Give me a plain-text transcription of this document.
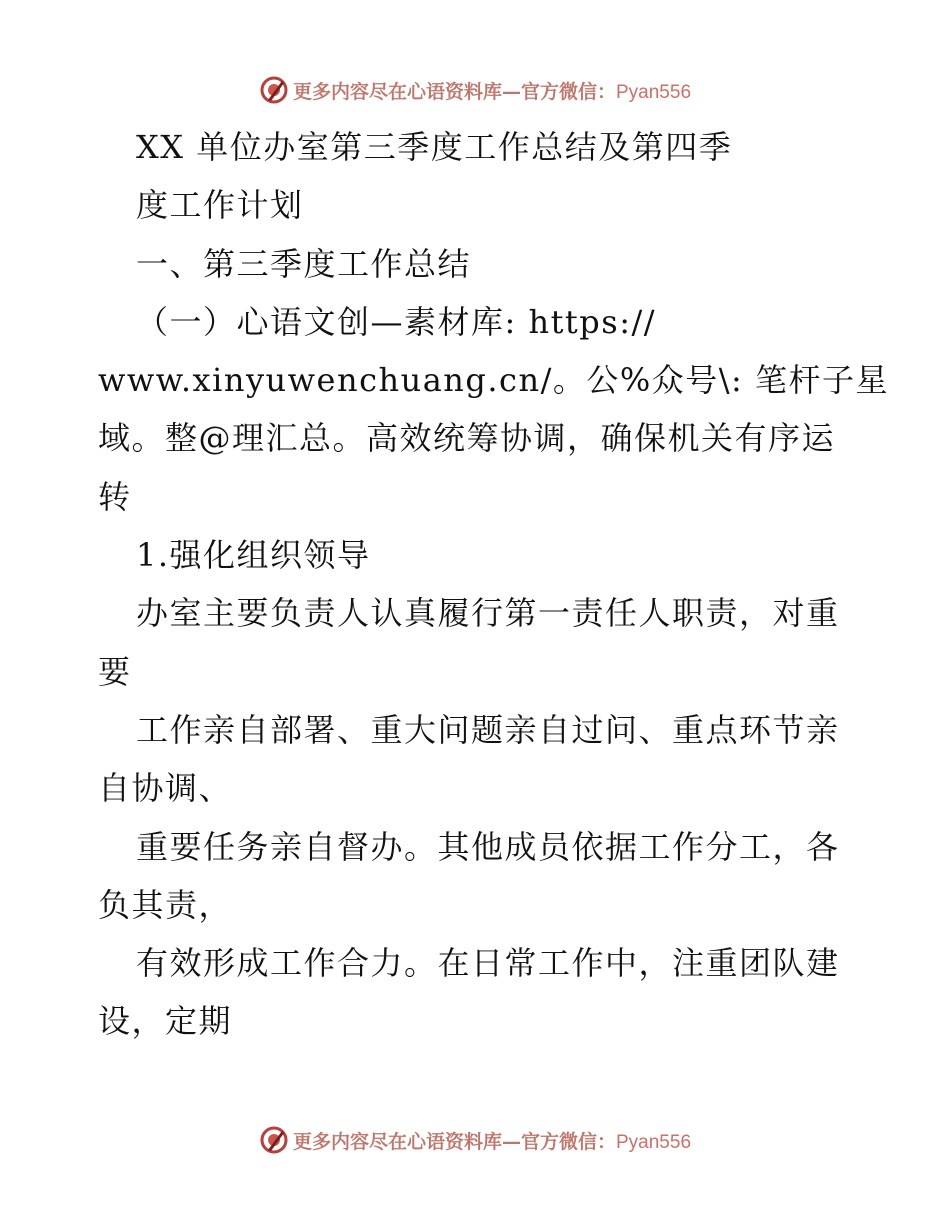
更多内容尽在心语资料库—官方微信：Pyan556
XX 单位办室第三季度工作总结及第四季
度工作计划
一、第三季度工作总结
（一）心语文创—素材库: https://
www.xinyuwenchuang.cn/。公%众号\: 笔杆子星
域。整@理汇总。高效统筹协调，确保机关有序运
转
1.强化组织领导
办室主要负责人认真履行第一责任人职责，对重
要
工作亲自部署、重大问题亲自过问、重点环节亲
自协调、
重要任务亲自督办。其他成员依据工作分工，各
负其责，
有效形成工作合力。在日常工作中，注重团队建
设，定期
更多内容尽在心语资料库—官方微信：Pyan556
